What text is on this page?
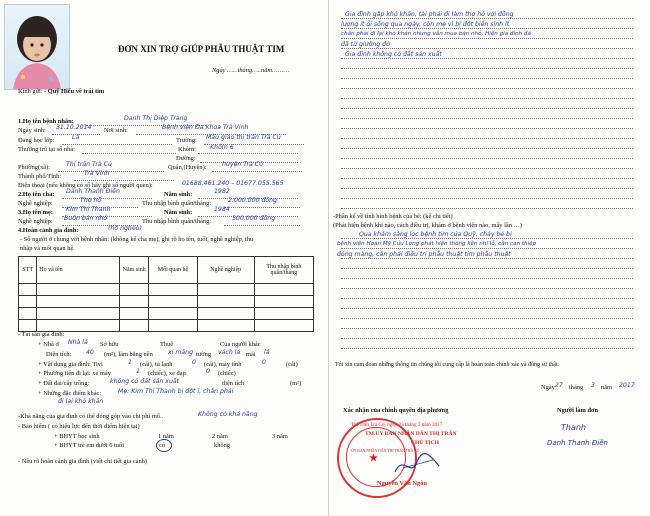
ĐƠN XIN TRỢ GIÚP PHẪU THUẬT TIM
Ngày ….. tháng…..năm………
Kính gửi: - Quỹ Hiếu về trái tim
1.Họ tên bệnh nhân:	Danh Thị Diệp Trang
Ngày sinh: 31.10.2014 Nơi sinh:	Bệnh viện Đa Khoa Trà Vinh
Đang học lớp:	Lá	Trường: Mẫu giáo thị trấn Trà Cú
Thường trú tại số nhà:	Khóm: Khóm 6
Đường:
Phường(xã):	Thị trấn Trà Cú	Quận,(Huyện): huyện Trà Cú
Thành phố/Tỉnh:	Trà Vinh
Điện thoại (nếu không có số hãy ghi số người quen):	01688.461.240 – 01677.055.565
2.Họ tên cha: Danh Thanh Điền	Năm sinh:	1982
Nghề nghiệp:	Thợ hồ	Thu nhập bình quân/tháng:	2.000.000 đồng
3.Họ tên mẹ: Kim Thị Thanh	Năm sinh:	1984
Nghề nghiệp: Buôn bán nhỏ	Thu nhập bình quân/tháng:	500.000 đồng
4.Hoàn cảnh gia đình:	(hộ nghèo)
- Số người ở chung với bệnh nhân: (không kể cha mẹ), ghi rõ họ tên, tuổi, nghề nghiệp, thu
nhập và mối quan hệ.
STT	Họ và tên	Năm sinh	Mối quan hệ	Nghề nghiệp	Thu nhập bình quân/tháng

- Tài sản gia đình:
+ Nhà ở Nhà lá Sở hữu	Thuê	Của người khác
Diện tích: 40 (m²), làm bằng nền xi măng tường vách lá mái lá
+ Vật dụng gia đình: Tivi	1 (cái), tủ lạnh	0 (cái), máy tính	0	(cái)
+ Phương tiện đi lại: xe máy	1 (chiếc), xe đạp	0 (chiếc)
+ Đất đai/cây trồng:	không có đất sản xuất	diện tích	(m²)
+ Những đặc điểm khác:	Mẹ: Kim Thị Thanh bị đột ỉ, chân phải
đi lại khó khăn
-Khả năng của gia đình có thể đóng góp vào chi phí mổ..	Không có khả năng
- Bảo hiểm ( có hiệu lực đến thời điểm hiện tại)
+ BHYT học sinh	1 năm	2 năm	3 năm
+ BHYT trẻ em dưới 6 tuổi	có	không
- Nêu rõ hoàn cảnh gia đình (viết chi tiết gia cảnh)
Gia đình gặp khó khăn, tài phải đi làm thợ hồ với đồng
lương ít ỏi sống qua ngày, còn mẹ vì bị đột biến sinh ít
chân phải đi lại khó khăn nhưng vẫn mua bán nhỏ. Hiện gia đình đã
đã từ giường đó
Gia đình không có đất sản xuất
-Phần kế về tình hình bệnh của bé: (kể chi tiết)
(Phát hiện bệnh khi nào, cách điều trị, khám ở bệnh viện nào, mấy lần …)
Qua khám sàng lọc bệnh tim của Quỹ, cháy bé bị
bệnh viện Hoàn Mỹ Cửu Long phát hiện thông liên nhĩ lỗ, cần can thiệp
đóng màng, cần phải điều trị phẫu thuật tim phẫu thuật
Tôi xin cam đoan những thông tin chúng tôi cung cấp là hoàn toàn chính xác và đúng sự thật.
Ngày 27 tháng 3 năm 2017
Xác nhận của chính quyền địa phương	Người làm đơn
ỦY BAN NHÂN DÂN THỊ TRẤN TRÀ CÚ
★
Thị Trấn Trà Cú, ngày 23 tháng 3 năm 2017
TM.ỦY BAN NHÂN DÂN THỊ TRẤN
CHỦ TỊCH
Nguyễn Văn Ngôn
Thanh
Danh Thanh Điền
